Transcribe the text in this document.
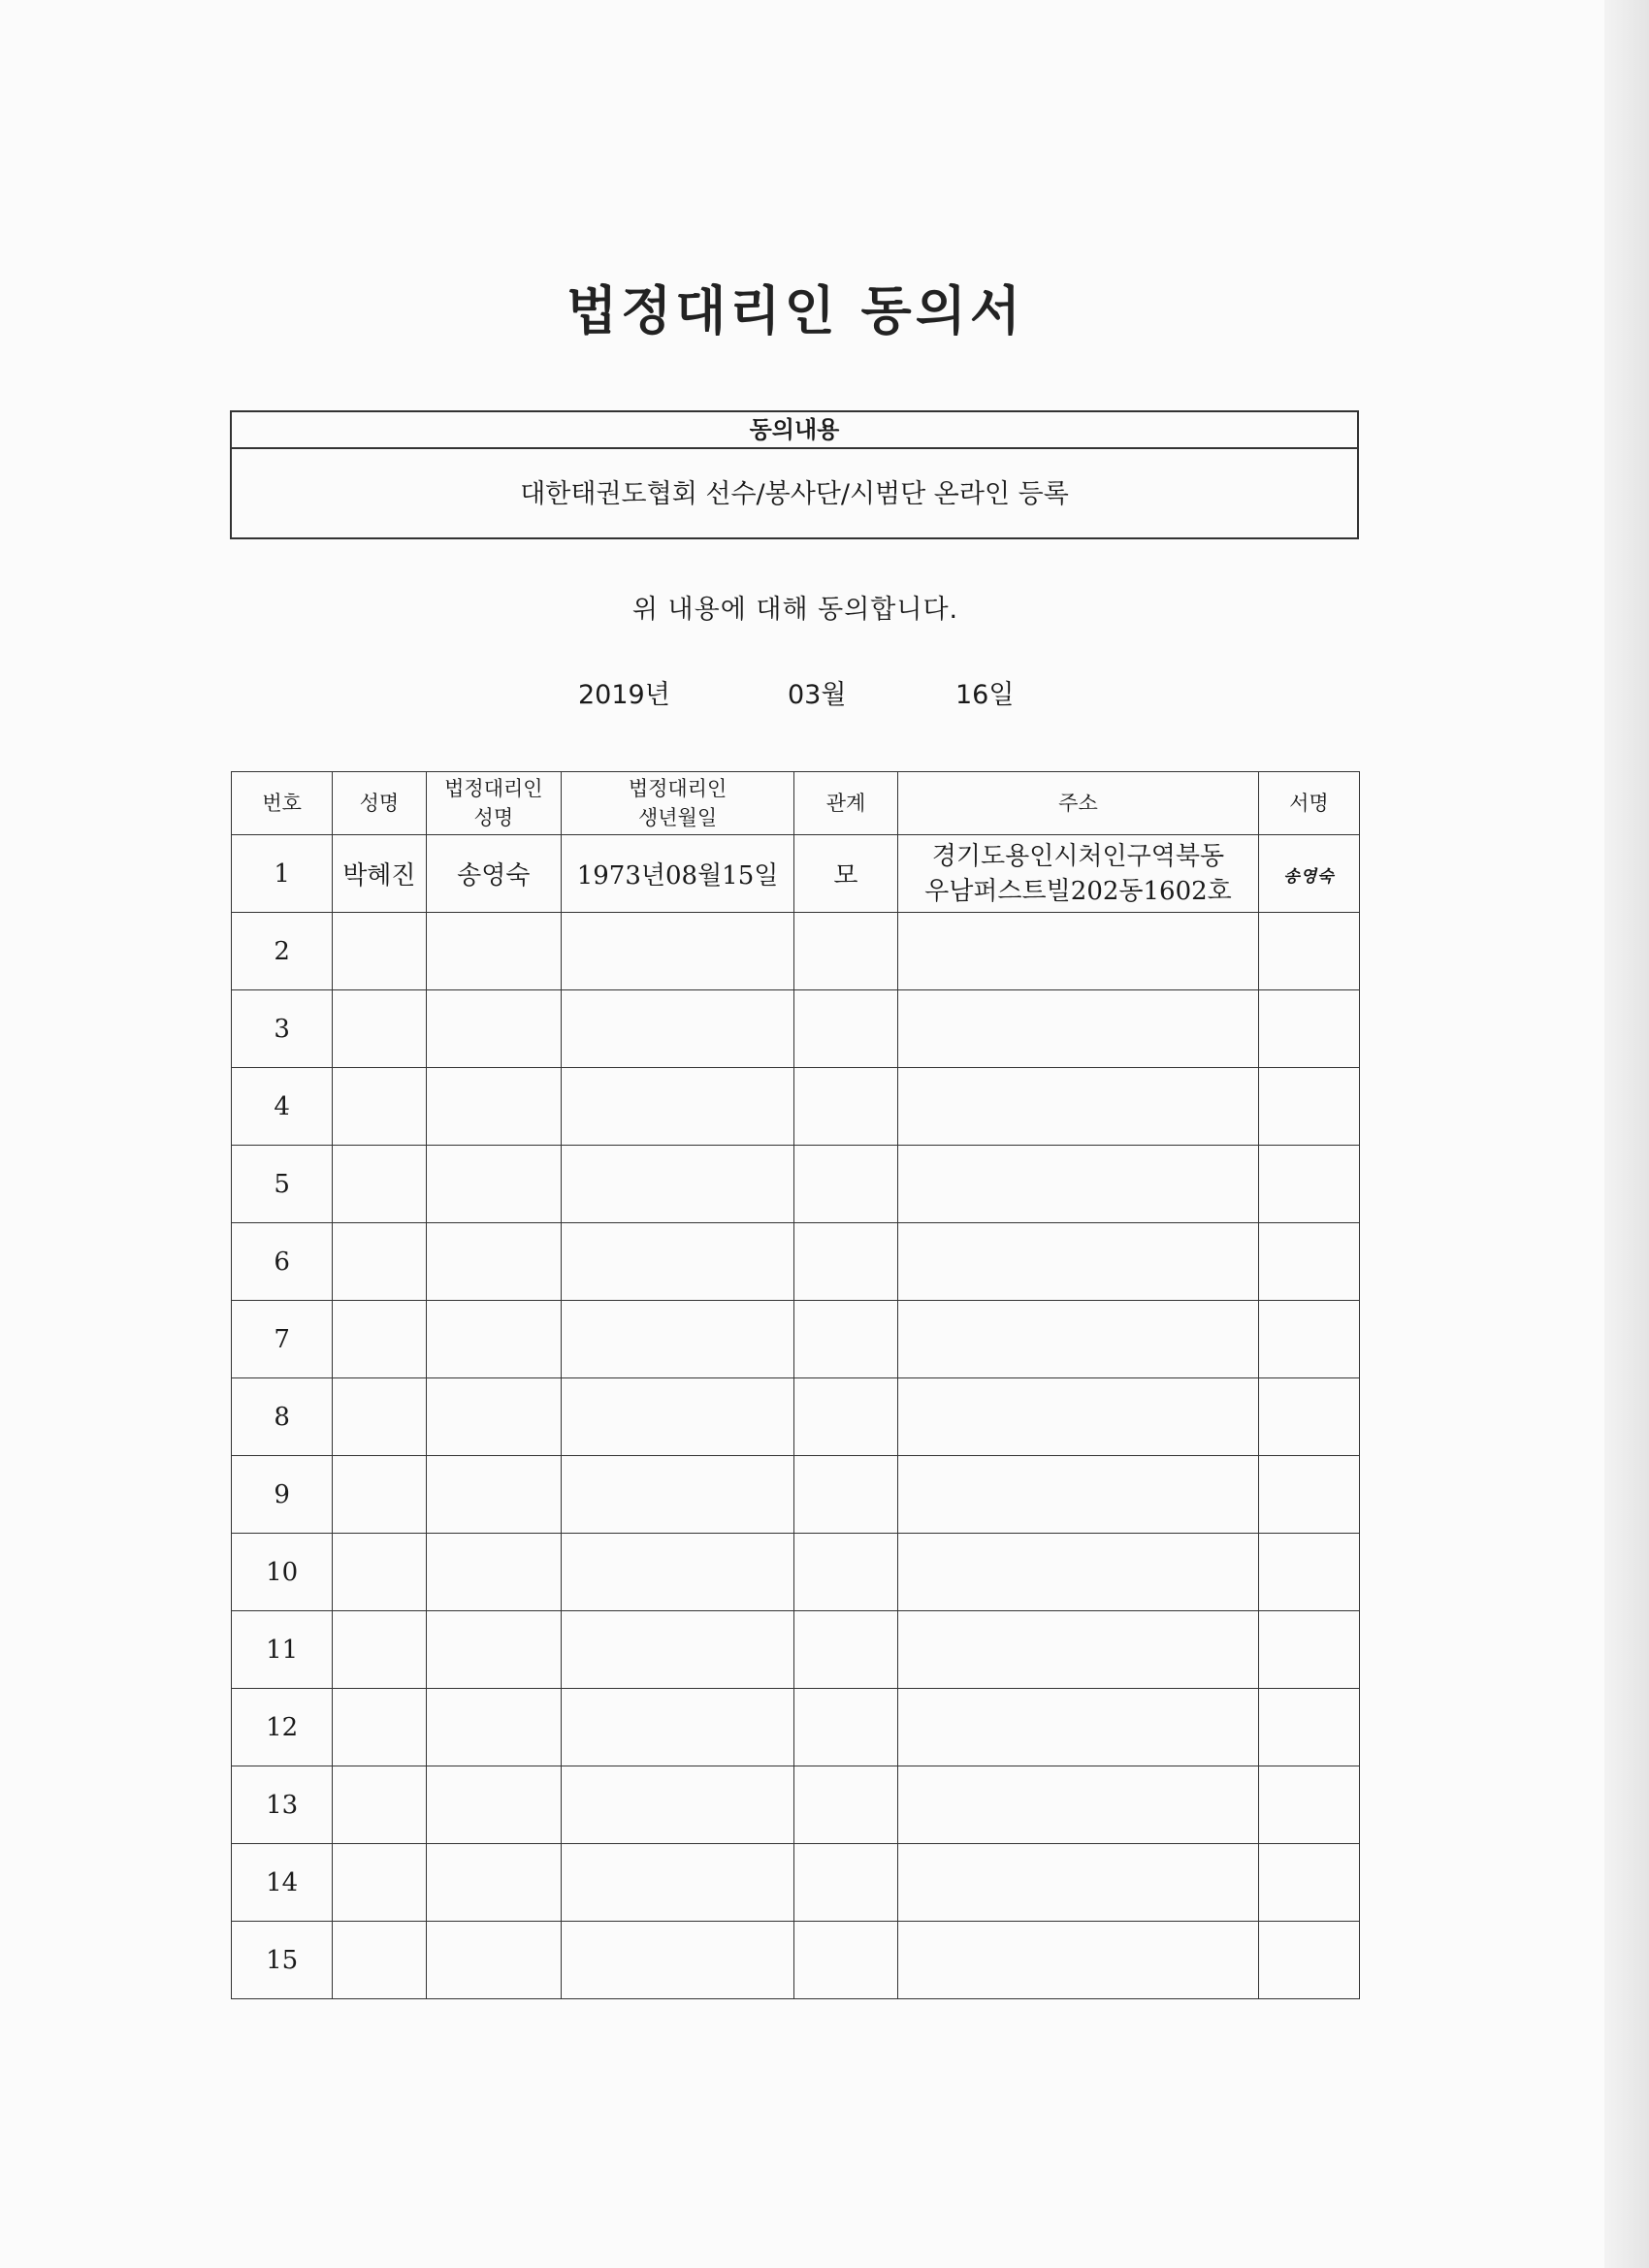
법정대리인 동의서
동의내용
대한태권도협회 선수/봉사단/시범단 온라인 등록
위 내용에 대해 동의합니다.
2019년	03월	16일
번호	성명	법정대리인 성명	법정대리인 생년월일	관계	주소	서명
1	박혜진	송영숙	1973년08월15일	모	경기도용인시처인구역북동
우남퍼스트빌202동1602호	송영숙
2						
3						
4						
5						
6						
7						
8						
9						
10						
11						
12						
13						
14						
15						
